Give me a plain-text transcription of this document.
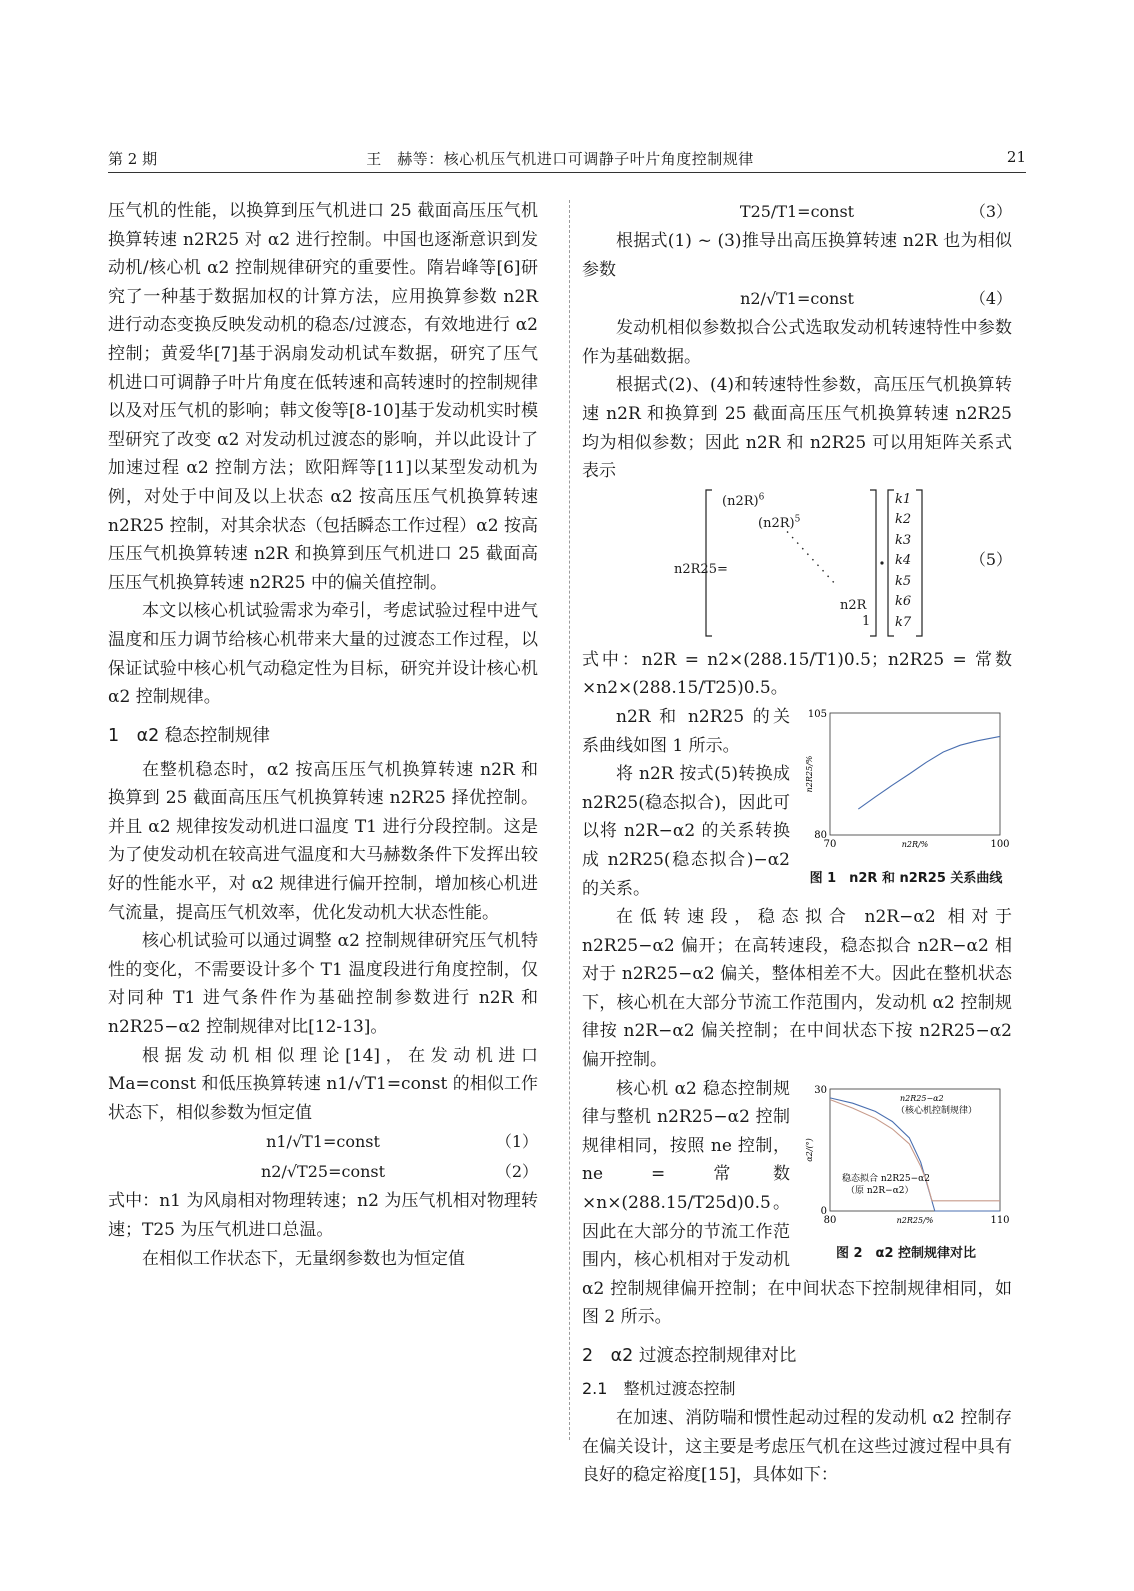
第 2 期	王　赫等：核心机压气机进口可调静子叶片角度控制规律	21

压气机的性能，以换算到压气机进口 25 截面高压压气机换算转速 n2R25 对 α2 进行控制。中国也逐渐意识到发动机/核心机 α2 控制规律研究的重要性。隋岩峰等[6]研究了一种基于数据加权的计算方法，应用换算参数 n2R 进行动态变换反映发动机的稳态/过渡态，有效地进行 α2 控制；黄爱华[7]基于涡扇发动机试车数据，研究了压气机进口可调静子叶片角度在低转速和高转速时的控制规律以及对压气机的影响；韩文俊等[8-10]基于发动机实时模型研究了改变 α2 对发动机过渡态的影响，并以此设计了加速过程 α2 控制方法；欧阳辉等[11]以某型发动机为例，对处于中间及以上状态 α2 按高压压气机换算转速 n2R25 控制，对其余状态（包括瞬态工作过程）α2 按高压压气机换算转速 n2R 和换算到压气机进口 25 截面高压压气机换算转速 n2R25 中的偏关值控制。

本文以核心机试验需求为牵引，考虑试验过程中进气温度和压力调节给核心机带来大量的过渡态工作过程，以保证试验中核心机气动稳定性为目标，研究并设计核心机 α2 控制规律。

1　α2 稳态控制规律

在整机稳态时，α2 按高压压气机换算转速 n2R 和换算到 25 截面高压压气机换算转速 n2R25 择优控制。并且 α2 规律按发动机进口温度 T1 进行分段控制。这是为了使发动机在较高进气温度和大马赫数条件下发挥出较好的性能水平，对 α2 规律进行偏开控制，增加核心机进气流量，提高压气机效率，优化发动机大状态性能。

核心机试验可以通过调整 α2 控制规律研究压气机特性的变化，不需要设计多个 T1 温度段进行角度控制，仅对同种 T1 进气条件作为基础控制参数进行 n2R 和 n2R25−α2 控制规律对比[12-13]。

根据发动机相似理论[14]，在发动机进口 Ma=const 和低压换算转速 n1/√T1=const 的相似工作状态下，相似参数为恒定值

n1/√T1=const	（1）
n2/√T25=const	（2）

式中：n1 为风扇相对物理转速；n2 为压气机相对物理转速；T25 为压气机进口总温。

在相似工作状态下，无量纲参数也为恒定值

T25/T1=const	（3）

根据式(1) ~ (3)推导出高压换算转速 n2R 也为相似参数

n2/√T1=const	（4）

发动机相似参数拟合公式选取发动机转速特性中参数作为基础数据。

根据式(2)、(4)和转速特性参数，高压压气机换算转速 n2R 和换算到 25 截面高压压气机换算转速 n2R25 均为相似参数；因此 n2R 和 n2R25 可以用矩阵关系式表示

n2R25=
$(n2R)^6$
$(n2R)^5$
n2R
1
k1
k2
k3
k4
k5
k6
k7
（5）

式中：n2R = n2×(288.15/T1)0.5；n2R25 = 常数×n2×(288.15/T25)0.5。

105
80
70	100
n2R/%
n2R25/%
图 1　n2R 和 n2R25 关系曲线

n2R 和 n2R25 的关系曲线如图 1 所示。

将 n2R 按式(5)转换成 n2R25(稳态拟合)，因此可以将 n2R−α2 的关系转换成 n2R25(稳态拟合)−α2 的关系。

在低转速段，稳态拟合 n2R−α2 相对于 n2R25−α2 偏开；在高转速段，稳态拟合 n2R−α2 相对于 n2R25−α2 偏关，整体相差不大。因此在整机状态下，核心机在大部分节流工作范围内，发动机 α2 控制规律按 n2R−α2 偏关控制；在中间状态下按 n2R25−α2 偏开控制。

30
0
80	110
n2R25/%
α2/(°)
n2R25−α2
（核心机控制规律）
稳态拟合 n2R25−α2
（原 n2R−α2）
图 2　α2 控制规律对比

核心机 α2 稳态控制规律与整机 n2R25−α2 控制规律相同，按照 ne 控制，ne = 常数×n×(288.15/T25d)0.5。因此在大部分的节流工作范围内，核心机相对于发动机 α2 控制规律偏开控制；在中间状态下控制规律相同，如图 2 所示。

2　α2 过渡态控制规律对比
2.1　整机过渡态控制

在加速、消防喘和惯性起动过程的发动机 α2 控制存在偏关设计，这主要是考虑压气机在这些过渡过程中具有良好的稳定裕度[15]，具体如下：
